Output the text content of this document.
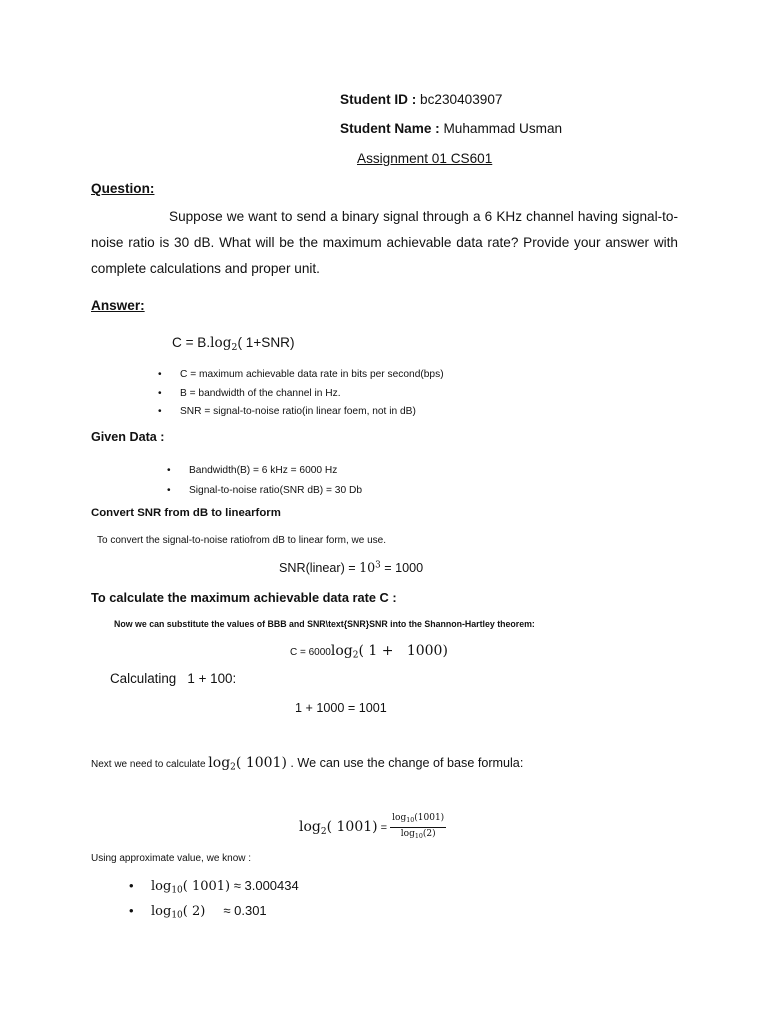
Student ID : bc230403907
Student Name : Muhammad Usman
Assignment 01 CS601
Question:
Suppose we want to send a binary signal through a 6 KHz channel having signal-to-noise ratio is 30 dB. What will be the maximum achievable data rate? Provide your answer with complete calculations and proper unit.
Answer:
$C = B.\log_2$( 1+SNR)
• C = maximum achievable data rate in bits per second(bps)
• B = bandwidth of the channel in Hz.
• SNR = signal-to-noise ratio(in linear foem, not in dB)
Given Data :
• Bandwidth(B) = 6 kHz = 6000 Hz
• Signal-to-noise ratio(SNR dB) = 30 Db
Convert SNR from dB to linearform
To convert the signal-to-noise ratiofrom dB to linear form, we use.
SNR(linear) = $10^3 = 1000$
To calculate the maximum achievable data rate C :
Now we can substitute the values of BBB and SNR\text{SNR}SNR into the Shannon-Hartley theorem:
C = 6000log2( 1 +   1000)
Calculating   1 + 100:
1 + 1000 = 1001
Next we need to calculate $\log_2$( 1001) . We can use the change of base formula:
$\log_2$( $1001) = \frac{\log_{10}(1001)}{\log_{10}(2)}$
Using approximate value, we know :
• $\log_{10}$( 1001) ≈ 3.000434
• $\log_{10}$( 2)     ≈ 0.301
